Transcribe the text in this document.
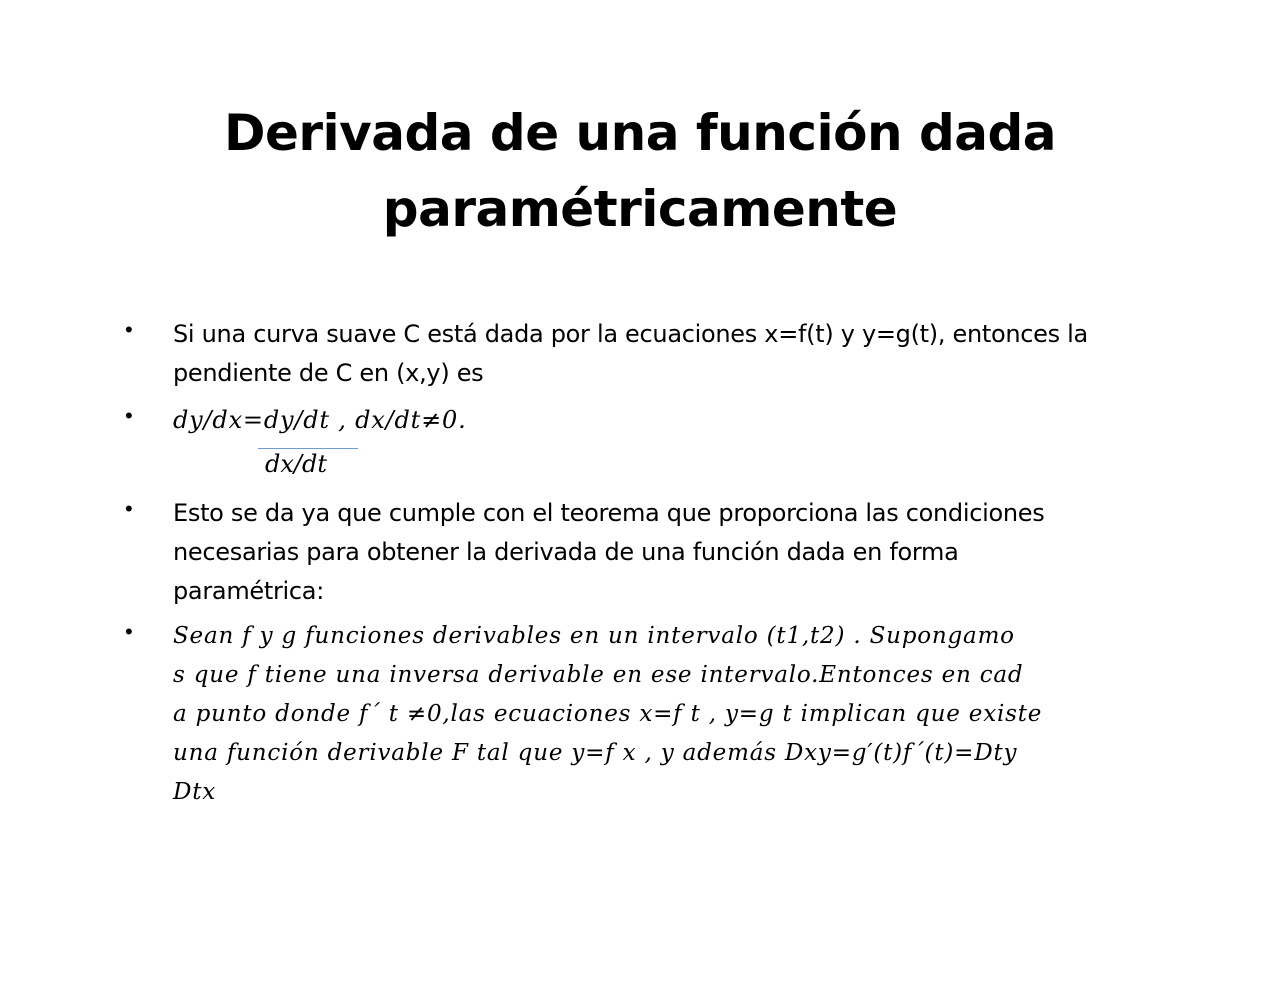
Derivada de una función dada
paramétricamente
• Si una curva suave C está dada por la ecuaciones x=f(t) y y=g(t), entonces la
pendiente de C en (x,y) es
• dy/dx=dy/dt , dx/dt≠0.
• Esto se da ya que cumple con el teorema que proporciona las condiciones
necesarias para obtener la derivada de una función dada en forma
paramétrica:
• Sean f y g funciones derivables en un intervalo (t1,t2) . Supongamo
s que f tiene una inversa derivable en ese intervalo.Entonces en cad
a punto donde f´ t ≠0,las ecuaciones x=f t , y=g t implican que existe
una función derivable F tal que y=f x , y además Dxy=g′(t)f´(t)=Dty
Dtx
dx/dt
